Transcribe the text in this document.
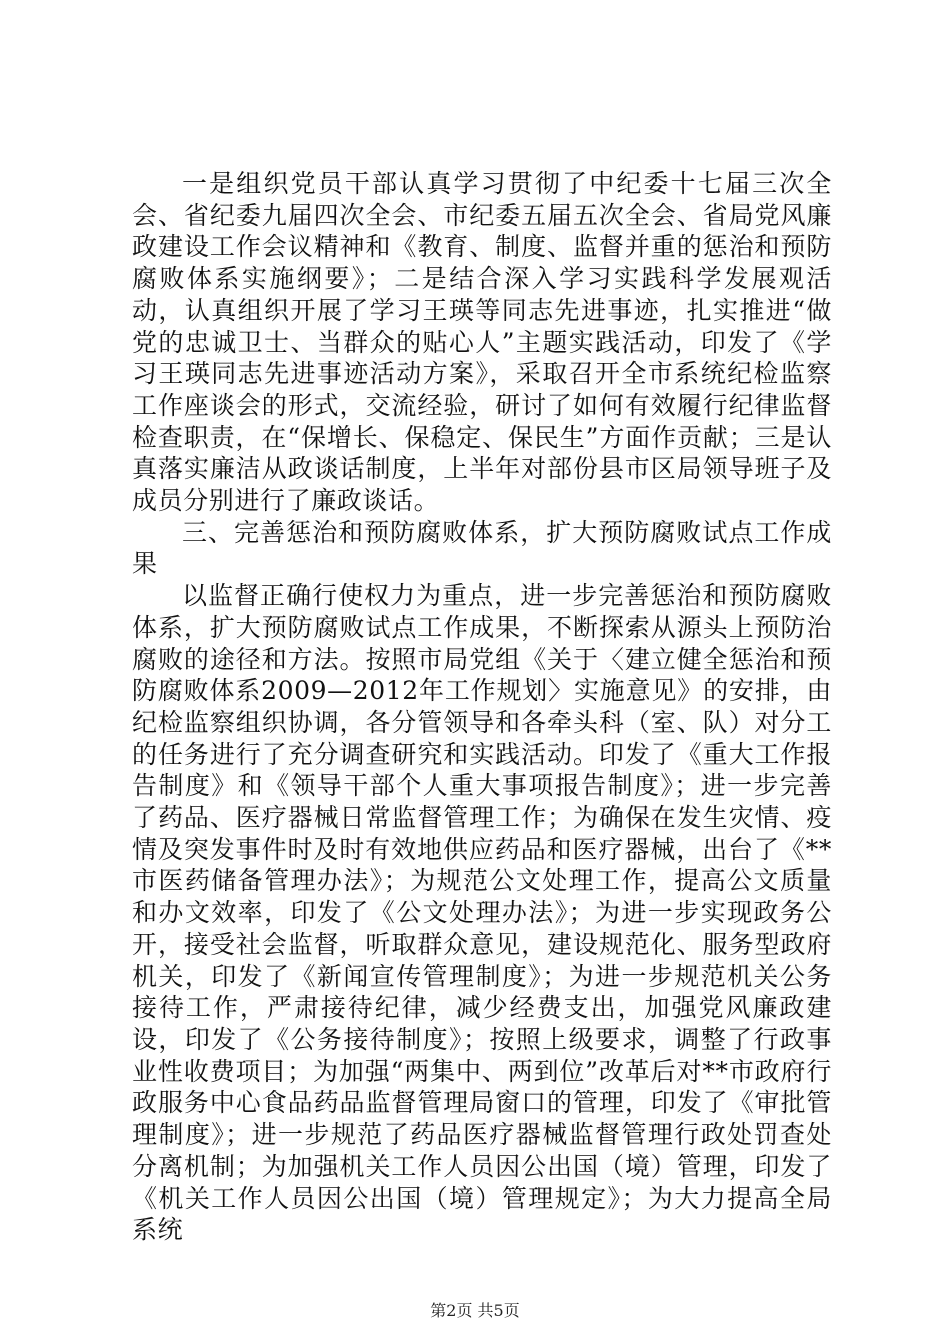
一是组织党员干部认真学习贯彻了中纪委十七届三次全会、省纪委九届四次全会、市纪委五届五次全会、省局党风廉政建设工作会议精神和《教育、制度、监督并重的惩治和预防腐败体系实施纲要》；二是结合深入学习实践科学发展观活动，认真组织开展了学习王瑛等同志先进事迹，扎实推进“做党的忠诚卫士、当群众的贴心人”主题实践活动，印发了《学习王瑛同志先进事迹活动方案》，采取召开全市系统纪检监察工作座谈会的形式，交流经验，研讨了如何有效履行纪律监督检查职责，在“保增长、保稳定、保民生”方面作贡献；三是认真落实廉洁从政谈话制度，上半年对部份县市区局领导班子及成员分别进行了廉政谈话。

三、完善惩治和预防腐败体系，扩大预防腐败试点工作成果

以监督正确行使权力为重点，进一步完善惩治和预防腐败体系，扩大预防腐败试点工作成果，不断探索从源头上预防治腐败的途径和方法。按照市局党组《关于〈建立健全惩治和预防腐败体系2009—2012年工作规划〉实施意见》的安排，由纪检监察组织协调，各分管领导和各牵头科（室、队）对分工的任务进行了充分调查研究和实践活动。印发了《重大工作报告制度》和《领导干部个人重大事项报告制度》；进一步完善了药品、医疗器械日常监督管理工作；为确保在发生灾情、疫情及突发事件时及时有效地供应药品和医疗器械，出台了《**市医药储备管理办法》；为规范公文处理工作，提高公文质量和办文效率，印发了《公文处理办法》；为进一步实现政务公开，接受社会监督，听取群众意见，建设规范化、服务型政府机关，印发了《新闻宣传管理制度》；为进一步规范机关公务接待工作，严肃接待纪律，减少经费支出，加强党风廉政建设，印发了《公务接待制度》；按照上级要求，调整了行政事业性收费项目；为加强“两集中、两到位”改革后对**市政府行政服务中心食品药品监督管理局窗口的管理，印发了《审批管理制度》；进一步规范了药品医疗器械监督管理行政处罚查处分离机制；为加强机关工作人员因公出国（境）管理，印发了《机关工作人员因公出国（境）管理规定》；为大力提高全局系统

第2页 共5页
